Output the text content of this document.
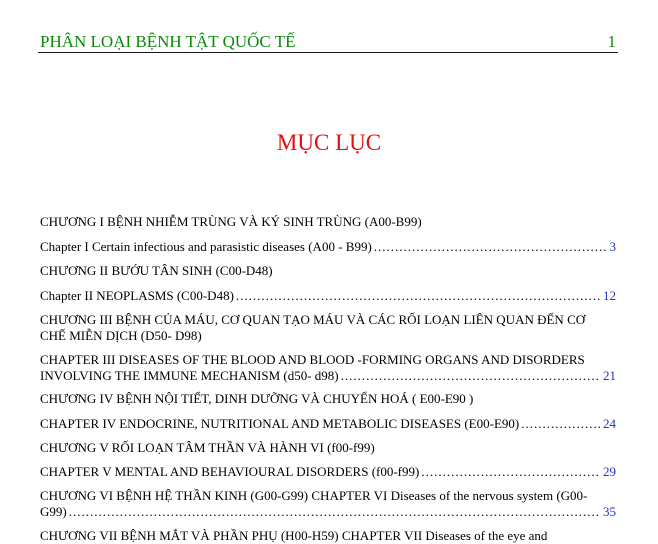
PHÂN LOẠI BỆNH TẬT QUỐC TẾ	1
MỤC LỤC
CHƯƠNG I BỆNH NHIỄM TRÙNG VÀ KÝ SINH TRÙNG (A00-B99)
Chapter I Certain infectious and parasistic diseases (A00 - B99) .....	3
CHƯƠNG II BƯỚU TÂN SINH (C00-D48)
Chapter II NEOPLASMS (C00-D48) .....	12
CHƯƠNG III BỆNH CỦA MÁU, CƠ QUAN TẠO MÁU VÀ CÁC RỐI LOẠN LIÊN QUAN ĐẾN CƠ
CHẾ MIỄN DỊCH (D50- D98)
CHAPTER III DISEASES OF THE BLOOD AND BLOOD -FORMING ORGANS AND DISORDERS
INVOLVING THE IMMUNE MECHANISM (d50- d98) .....	21
CHƯƠNG IV BỆNH NỘI TIẾT, DINH DƯỠNG VÀ CHUYỂN HOÁ ( E00-E90 )
CHAPTER IV ENDOCRINE, NUTRITIONAL AND METABOLIC DISEASES (E00-E90) .....	24
CHƯƠNG V RỐI LOẠN TÂM THẦN VÀ HÀNH VI (f00-f99)
CHAPTER V MENTAL AND BEHAVIOURAL DISORDERS (f00-f99) .....	29
CHƯƠNG VI BỆNH HỆ THẦN KINH (G00-G99) CHAPTER VI Diseases of the nervous system (G00-
G99) .....	35
CHƯƠNG VII BỆNH MẮT VÀ PHẦN PHỤ (H00-H59) CHAPTER VII Diseases of the eye and
